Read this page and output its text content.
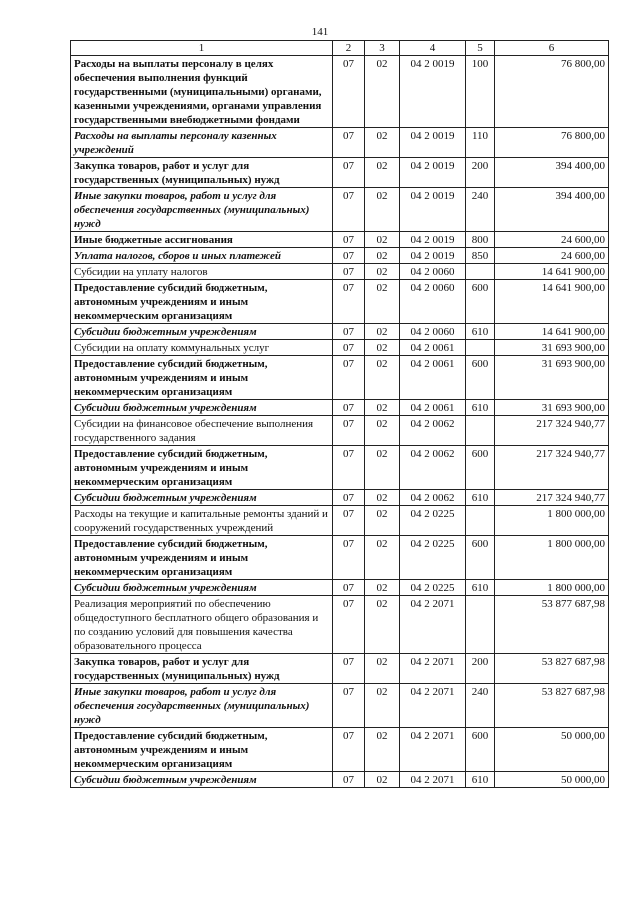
141
1	2	3	4	5	6
Расходы на выплаты персоналу в целях обеспечения выполнения функций государственными (муниципальными) органами, казенными учреждениями, органами управления государственными внебюджетными фондами	07	02	04 2 0019	100	76 800,00
Расходы на выплаты персоналу казенных учреждений	07	02	04 2 0019	110	76 800,00
Закупка товаров, работ и услуг для государственных (муниципальных) нужд	07	02	04 2 0019	200	394 400,00
Иные закупки товаров, работ и услуг для обеспечения государственных (муниципальных) нужд	07	02	04 2 0019	240	394 400,00
Иные бюджетные ассигнования	07	02	04 2 0019	800	24 600,00
Уплата налогов, сборов и иных платежей	07	02	04 2 0019	850	24 600,00
Субсидии на уплату налогов	07	02	04 2 0060		14 641 900,00
Предоставление субсидий бюджетным, автономным учреждениям и иным некоммерческим организациям	07	02	04 2 0060	600	14 641 900,00
Субсидии бюджетным учреждениям	07	02	04 2 0060	610	14 641 900,00
Субсидии на оплату коммунальных услуг	07	02	04 2 0061		31 693 900,00
Предоставление субсидий бюджетным, автономным учреждениям и иным некоммерческим организациям	07	02	04 2 0061	600	31 693 900,00
Субсидии бюджетным учреждениям	07	02	04 2 0061	610	31 693 900,00
Субсидии на финансовое обеспечение выполнения государственного задания	07	02	04 2 0062		217 324 940,77
Предоставление субсидий бюджетным, автономным учреждениям и иным некоммерческим организациям	07	02	04 2 0062	600	217 324 940,77
Субсидии бюджетным учреждениям	07	02	04 2 0062	610	217 324 940,77
Расходы на текущие и капитальные ремонты зданий и сооружений государственных учреждений	07	02	04 2 0225		1 800 000,00
Предоставление субсидий бюджетным, автономным учреждениям и иным некоммерческим организациям	07	02	04 2 0225	600	1 800 000,00
Субсидии бюджетным учреждениям	07	02	04 2 0225	610	1 800 000,00
Реализация мероприятий по обеспечению общедоступного бесплатного общего образования и по созданию условий для повышения качества образовательного процесса	07	02	04 2 2071		53 877 687,98
Закупка товаров, работ и услуг для государственных (муниципальных) нужд	07	02	04 2 2071	200	53 827 687,98
Иные закупки товаров, работ и услуг для обеспечения государственных (муниципальных) нужд	07	02	04 2 2071	240	53 827 687,98
Предоставление субсидий бюджетным, автономным учреждениям и иным некоммерческим организациям	07	02	04 2 2071	600	50 000,00
Субсидии бюджетным учреждениям	07	02	04 2 2071	610	50 000,00
